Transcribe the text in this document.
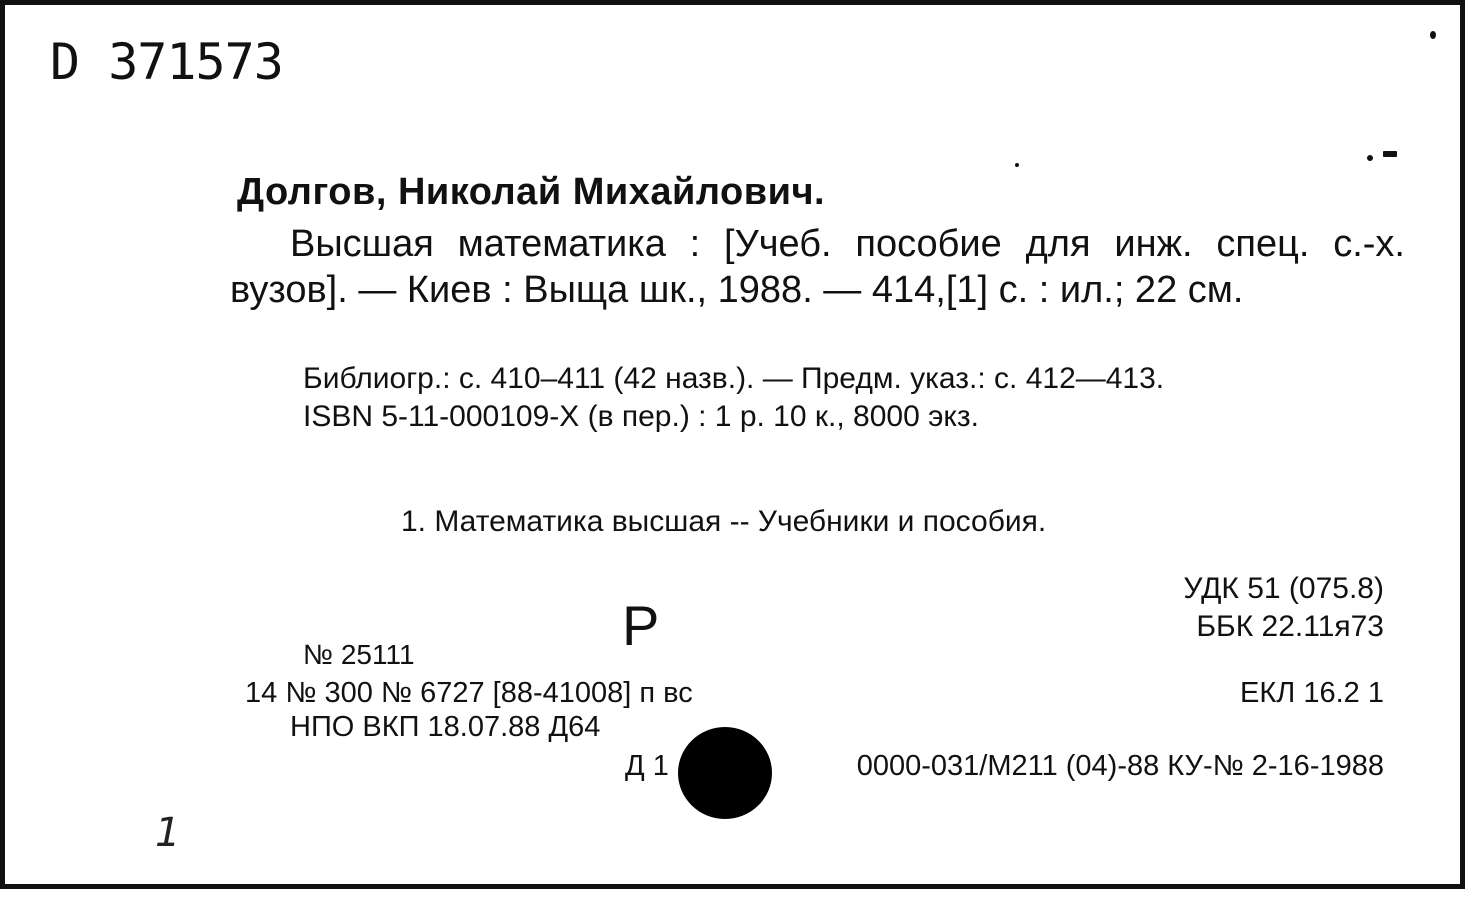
D 371573
Долгов, Николай Михайлович.
Высшая математика : [Учеб. пособие для инж. спец. с.-х. вузов]. — Киев : Выща шк., 1988. — 414,[1] с. : ил.; 22 см.
Библиогр.: с. 410–411 (42 назв.). — Предм. указ.: с. 412—413.
ISBN 5-11-000109-X (в пер.) : 1 р. 10 к., 8000 экз.
1. Математика высшая -- Учебники и пособия.
УДК 51 (075.8)
ББК 22.11я73
Р
№ 25111
14 № 300 № 6727 [88-41008] п вс	ЕКЛ 16.2 1
НПО ВКП 18.07.88 Д64
Д 1	0000-031/М211 (04)-88 КУ-№ 2-16-1988
1
